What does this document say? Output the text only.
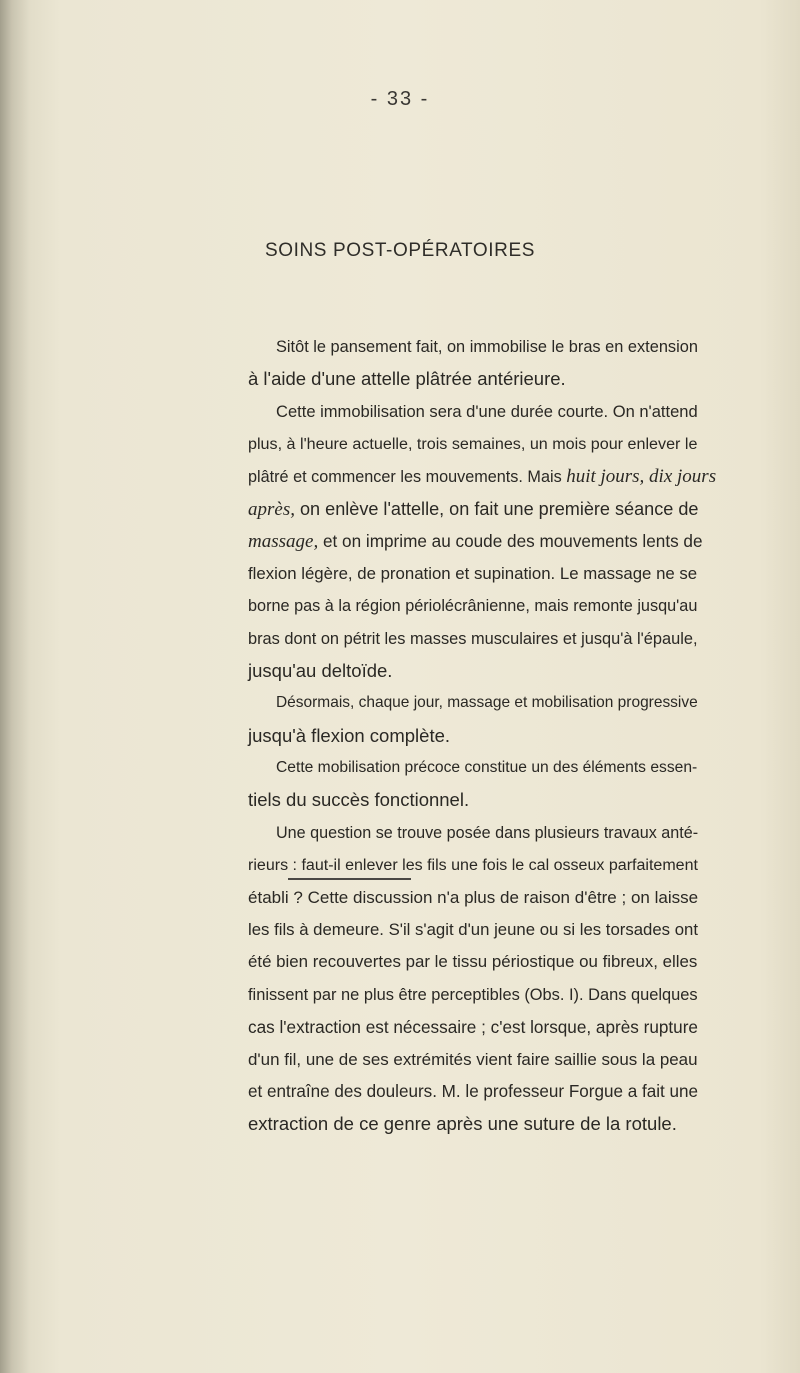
- 33 -
SOINS POST-OPÉRATOIRES
Sitôt le pansement fait, on immobilise le bras en extension
à l'aide d'une attelle plâtrée antérieure.
Cette immobilisation sera d'une durée courte. On n'attend
plus, à l'heure actuelle, trois semaines, un mois pour enlever le
plâtré et commencer les mouvements. Mais huit jours, dix jours
après, on enlève l'attelle, on fait une première séance de
massage, et on imprime au coude des mouvements lents de
flexion légère, de pronation et supination. Le massage ne se
borne pas à la région périolécrânienne, mais remonte jusqu'au
bras dont on pétrit les masses musculaires et jusqu'à l'épaule,
jusqu'au deltoïde.
Désormais, chaque jour, massage et mobilisation progressive
jusqu'à flexion complète.
Cette mobilisation précoce constitue un des éléments essen-
tiels du succès fonctionnel.
Une question se trouve posée dans plusieurs travaux anté-
rieurs : faut-il enlever les fils une fois le cal osseux parfaitement
établi ? Cette discussion n'a plus de raison d'être ; on laisse
les fils à demeure. S'il s'agit d'un jeune ou si les torsades ont
été bien recouvertes par le tissu périostique ou fibreux, elles
finissent par ne plus être perceptibles (Obs. I). Dans quelques
cas l'extraction est nécessaire ; c'est lorsque, après rupture
d'un fil, une de ses extrémités vient faire saillie sous la peau
et entraîne des douleurs. M. le professeur Forgue a fait une
extraction de ce genre après une suture de la rotule.
